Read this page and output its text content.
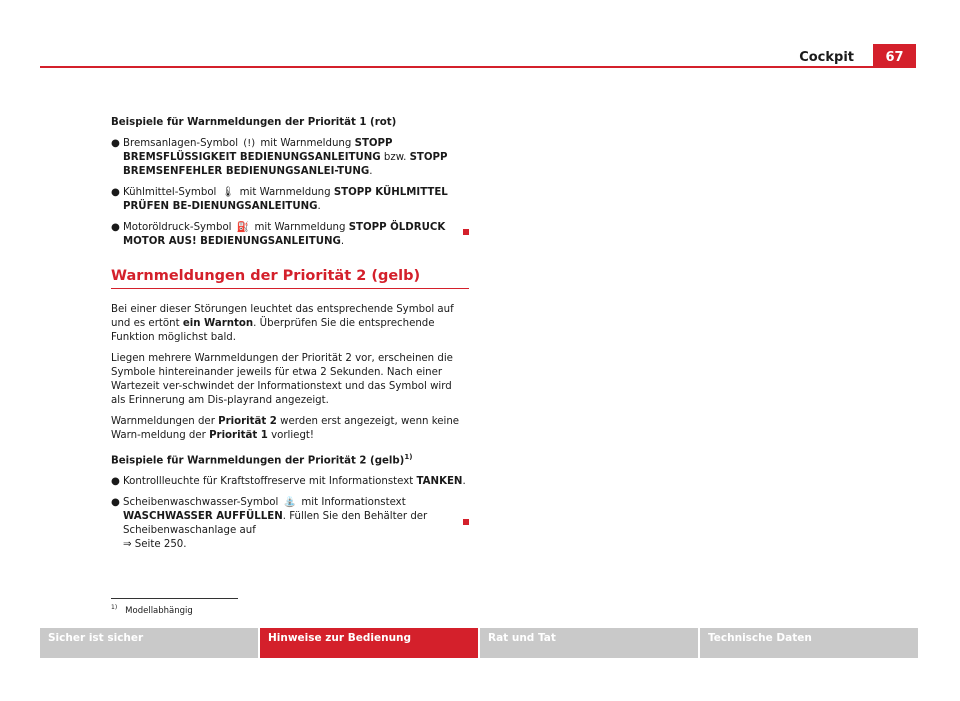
Cockpit	67

Beispiele für Warnmeldungen der Priorität 1 (rot)

● Bremsanlagen-Symbol (!) mit Warnmeldung STOPP BREMSFLÜSSIGKEIT BEDIENUNGSANLEITUNG bzw. STOPP BREMSENFEHLER BEDIENUNGSANLEI-TUNG.
● Kühlmittel-Symbol 🌡 mit Warnmeldung STOPP KÜHLMITTEL PRÜFEN BE-DIENUNGSANLEITUNG.
● Motoröldruck-Symbol ⛽ mit Warnmeldung STOPP ÖLDRUCK MOTOR AUS! BEDIENUNGSANLEITUNG.
Warnmeldungen der Priorität 2 (gelb)

Bei einer dieser Störungen leuchtet das entsprechende Symbol auf und es ertönt ein Warnton. Überprüfen Sie die entsprechende Funktion möglichst bald.

Liegen mehrere Warnmeldungen der Priorität 2 vor, erscheinen die Symbole hintereinander jeweils für etwa 2 Sekunden. Nach einer Wartezeit ver-schwindet der Informationstext und das Symbol wird als Erinnerung am Dis-playrand angezeigt.

Warnmeldungen der Priorität 2 werden erst angezeigt, wenn keine Warn-meldung der Priorität 1 vorliegt!

Beispiele für Warnmeldungen der Priorität 2 (gelb)$^{1)}$

● Kontrollleuchte für Kraftstoffreserve mit Informationstext TANKEN.
● Scheibenwaschwasser-Symbol ⛲ mit Informationstext WASCHWASSER AUFFÜLLEN. Füllen Sie den Behälter der Scheibenwaschanlage auf
⇒ Seite 250.
$^{1)}$ Modellabhängig
Sicher ist sicher	Hinweise zur Bedienung	Rat und Tat	Technische Daten
